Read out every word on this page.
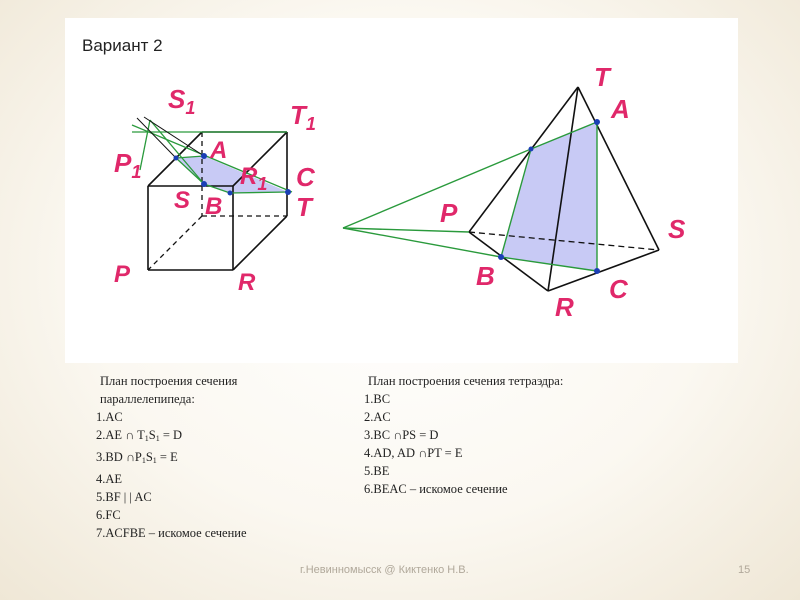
Вариант 2
$S_1$	$T_1$
A
C
$P_1$	$R_1$
S B	T
P	R
T
A
P
S
B	C
R
План построения сечения
параллелепипеда:
1.AC
2.AE ∩ $T_1S_1 = D$
3.BD $\cap P_1S_1 = E$
4.AE
5.BF | | AC
6.FC
7.ACFBE – искомое сечение
План построения сечения тетраэдра:
1.BC
2.AC
3.BC ∩PS = D
4.AD, AD ∩PT = E
5.BE
6.BEAC – искомое сечение
г.Невинномысск @ Киктенко Н.В.	15
